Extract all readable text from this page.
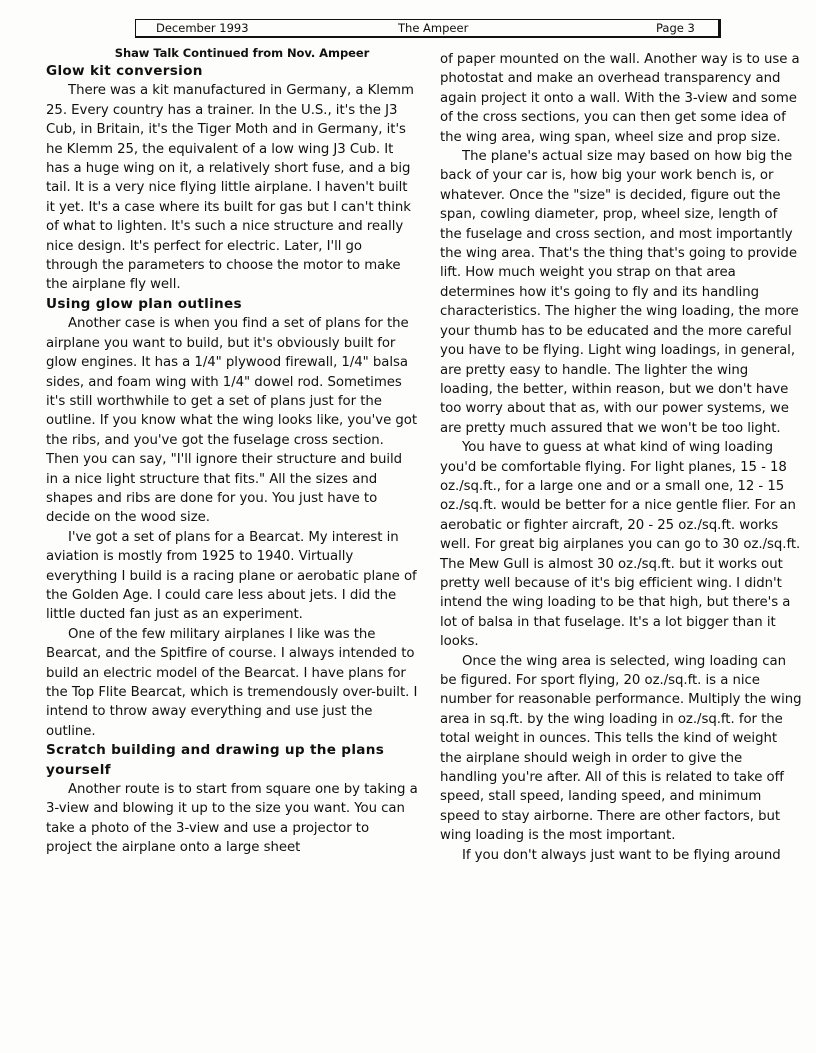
December 1993	The Ampeer	Page 3
Shaw Talk Continued from Nov. Ampeer
Glow kit conversion

There was a kit manufactured in Germany, a Klemm 25. Every country has a trainer. In the U.S., it's the J3 Cub, in Britain, it's the Tiger Moth and in Germany, it's he Klemm 25, the equivalent of a low wing J3 Cub. It has a huge wing on it, a relatively short fuse, and a big tail. It is a very nice flying little airplane. I haven't built it yet. It's a case where its built for gas but I can't think of what to lighten. It's such a nice structure and really nice design. It's perfect for electric. Later, I'll go through the parameters to choose the motor to make the airplane fly well.

Using glow plan outlines

Another case is when you find a set of plans for the airplane you want to build, but it's obviously built for glow engines. It has a 1/4" plywood firewall, 1/4" balsa sides, and foam wing with 1/4" dowel rod. Sometimes it's still worthwhile to get a set of plans just for the outline. If you know what the wing looks like, you've got the ribs, and you've got the fuselage cross section. Then you can say, "I'll ignore their structure and build in a nice light structure that fits." All the sizes and shapes and ribs are done for you. You just have to decide on the wood size.

I've got a set of plans for a Bearcat. My interest in aviation is mostly from 1925 to 1940. Virtually everything I build is a racing plane or aerobatic plane of the Golden Age. I could care less about jets. I did the little ducted fan just as an experiment.

One of the few military airplanes I like was the Bearcat, and the Spitfire of course. I always intended to build an electric model of the Bearcat. I have plans for the Top Flite Bearcat, which is tremendously over-built. I intend to throw away everything and use just the outline.

Scratch building and drawing up the plans yourself

Another route is to start from square one by taking a 3-view and blowing it up to the size you want. You can take a photo of the 3-view and use a projector to project the airplane onto a large sheet

of paper mounted on the wall. Another way is to use a photostat and make an overhead transparency and again project it onto a wall. With the 3-view and some of the cross sections, you can then get some idea of the wing area, wing span, wheel size and prop size.

The plane's actual size may based on how big the back of your car is, how big your work bench is, or whatever. Once the "size" is decided, figure out the span, cowling diameter, prop, wheel size, length of the fuselage and cross section, and most importantly the wing area. That's the thing that's going to provide lift. How much weight you strap on that area determines how it's going to fly and its handling characteristics. The higher the wing loading, the more your thumb has to be educated and the more careful you have to be flying. Light wing loadings, in general, are pretty easy to handle. The lighter the wing loading, the better, within reason, but we don't have too worry about that as, with our power systems, we are pretty much assured that we won't be too light.

You have to guess at what kind of wing loading you'd be comfortable flying. For light planes, 15 - 18 oz./sq.ft., for a large one and or a small one, 12 - 15 oz./sq.ft. would be better for a nice gentle flier. For an aerobatic or fighter aircraft, 20 - 25 oz./sq.ft. works well. For great big airplanes you can go to 30 oz./sq.ft. The Mew Gull is almost 30 oz./sq.ft. but it works out pretty well because of it's big efficient wing. I didn't intend the wing loading to be that high, but there's a lot of balsa in that fuselage. It's a lot bigger than it looks.

Once the wing area is selected, wing loading can be figured. For sport flying, 20 oz./sq.ft. is a nice number for reasonable performance. Multiply the wing area in sq.ft. by the wing loading in oz./sq.ft. for the total weight in ounces. This tells the kind of weight the airplane should weigh in order to give the handling you're after. All of this is related to take off speed, stall speed, landing speed, and minimum speed to stay airborne. There are other factors, but wing loading is the most important.

If you don't always just want to be flying around
